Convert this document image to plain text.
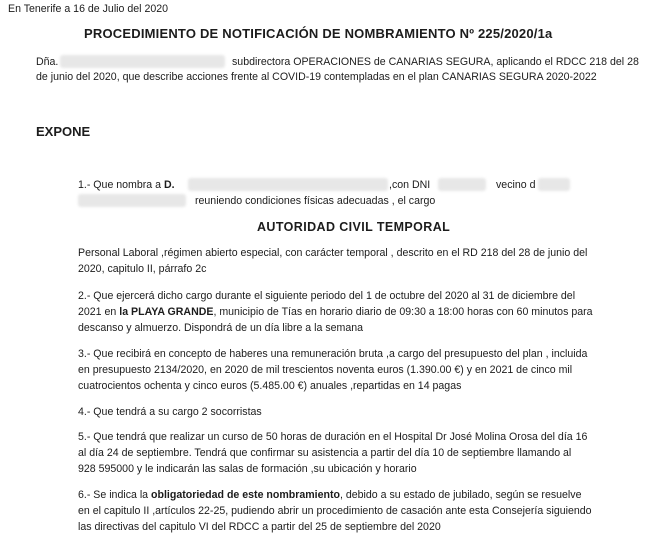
En Tenerife a 16 de Julio del 2020
PROCEDIMIENTO DE NOTIFICACIÓN DE NOMBRAMIENTO Nº 225/2020/1a
Dña.	subdirectora OPERACIONES de CANARIAS SEGURA, aplicando el RDCC 218 del 28
de junio del 2020, que describe acciones frente al COVID-19 contempladas en el plan CANARIAS SEGURA 2020-2022
EXPONE
1.- Que nombra a D.	,con DNI	vecino d
reuniendo condiciones físicas adecuadas , el cargo
AUTORIDAD CIVIL TEMPORAL
Personal Laboral ,régimen abierto especial, con carácter temporal , descrito en el RD 218 del 28 de junio del
2020, capitulo II, párrafo 2c
2.- Que ejercerá dicho cargo durante el siguiente periodo del 1 de octubre del 2020 al 31 de diciembre del
2021 en la PLAYA GRANDE, municipio de Tías en horario diario de 09:30 a 18:00 horas con 60 minutos para
descanso y almuerzo. Dispondrá de un día libre a la semana
3.- Que recibirá en concepto de haberes una remuneración bruta ,a cargo del presupuesto del plan , incluida
en presupuesto 2134/2020, en 2020 de mil trescientos noventa euros (1.390.00 €) y en 2021 de cinco mil
cuatrocientos ochenta y cinco euros (5.485.00 €) anuales ,repartidas en 14 pagas
4.- Que tendrá a su cargo 2 socorristas
5.- Que tendrá que realizar un curso de 50 horas de duración en el Hospital Dr José Molina Orosa del día 16
al día 24 de septiembre. Tendrá que confirmar su asistencia a partir del día 10 de septiembre llamando al
928 595000 y le indicarán las salas de formación ,su ubicación y horario
6.- Se indica la obligatoriedad de este nombramiento, debido a su estado de jubilado, según se resuelve
en el capitulo II ,artículos 22-25, pudiendo abrir un procedimiento de casación ante esta Consejería siguiendo
las directivas del capitulo VI del RDCC a partir del 25 de septiembre del 2020
